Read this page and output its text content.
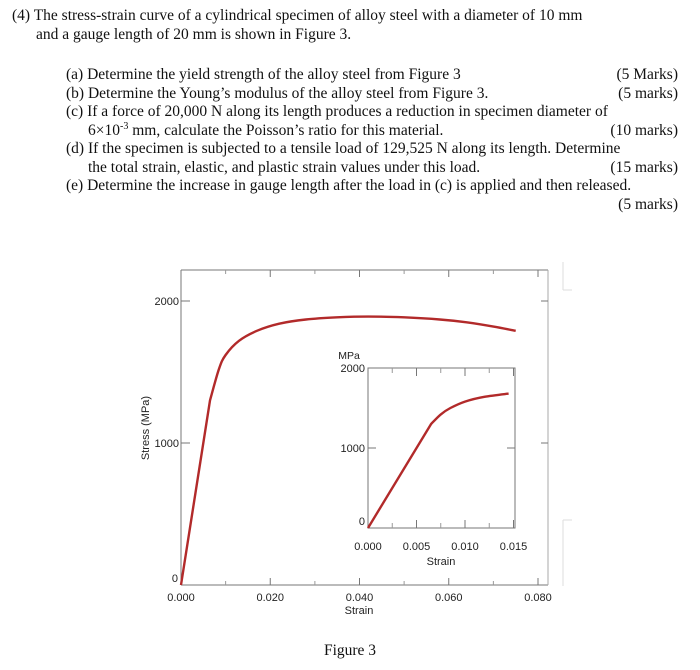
(4) The stress-strain curve of a cylindrical specimen of alloy steel with a diameter of 10 mm
and a gauge length of 20 mm is shown in Figure 3.
(a) Determine the yield strength of the alloy steel from Figure 3	(5 Marks)
(b) Determine the Young’s modulus of the alloy steel from Figure 3.	(5 marks)
(c) If a force of 20,000 N along its length produces a reduction in specimen diameter of
$6\times 10^{-3}$ mm, calculate the Poisson’s ratio for this material.	(10 marks)
(d) If the specimen is subjected to a tensile load of 129,525 N along its length. Determine
the total strain, elastic, and plastic strain values under this load.	(15 marks)
(e) Determine the increase in gauge length after the load in (c) is applied and then released.
(5 marks)
0.000	0.020	0.040	0.060	0.080
0
1000
2000
Stress (MPa)
Strain
0.000 0.005 0.010 0.015
0
1000
2000
MPa
Strain
Figure 3
